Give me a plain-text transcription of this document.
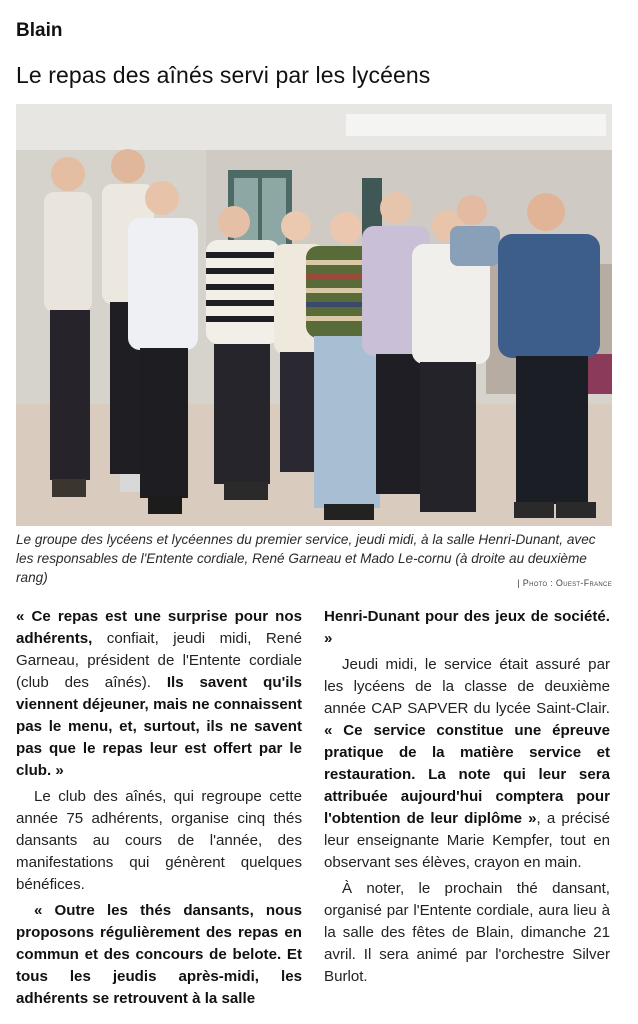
Blain
Le repas des aînés servi par les lycéens
Le groupe des lycéens et lycéennes du premier service, jeudi midi, à la salle Henri-Dunant, avec les responsables de l'Entente cordiale, René Garneau et Mado Le-cornu (à droite au deuxième rang)	| Photo : Ouest-France

« Ce repas est une surprise pour nos adhérents, confiait, jeudi midi, René Garneau, président de l'Entente cordiale (club des aînés). Ils savent qu'ils viennent déjeuner, mais ne connaissent pas le menu, et, surtout, ils ne savent pas que le repas leur est offert par le club. »

Le club des aînés, qui regroupe cette année 75 adhérents, organise cinq thés dansants au cours de l'année, des manifestations qui génèrent quelques bénéfices.

« Outre les thés dansants, nous proposons régulièrement des repas en commun et des concours de belote. Et tous les jeudis après-midi, les adhérents se retrouvent à la salle

Henri-Dunant pour des jeux de société. »

Jeudi midi, le service était assuré par les lycéens de la classe de deuxième année CAP SAPVER du lycée Saint-Clair. « Ce service constitue une épreuve pratique de la matière service et restauration. La note qui leur sera attribuée aujourd'hui comptera pour l'obtention de leur diplôme », a précisé leur enseignante Marie Kempfer, tout en observant ses élèves, crayon en main.

À noter, le prochain thé dansant, organisé par l'Entente cordiale, aura lieu à la salle des fêtes de Blain, dimanche 21 avril. Il sera animé par l'orchestre Silver Burlot.
